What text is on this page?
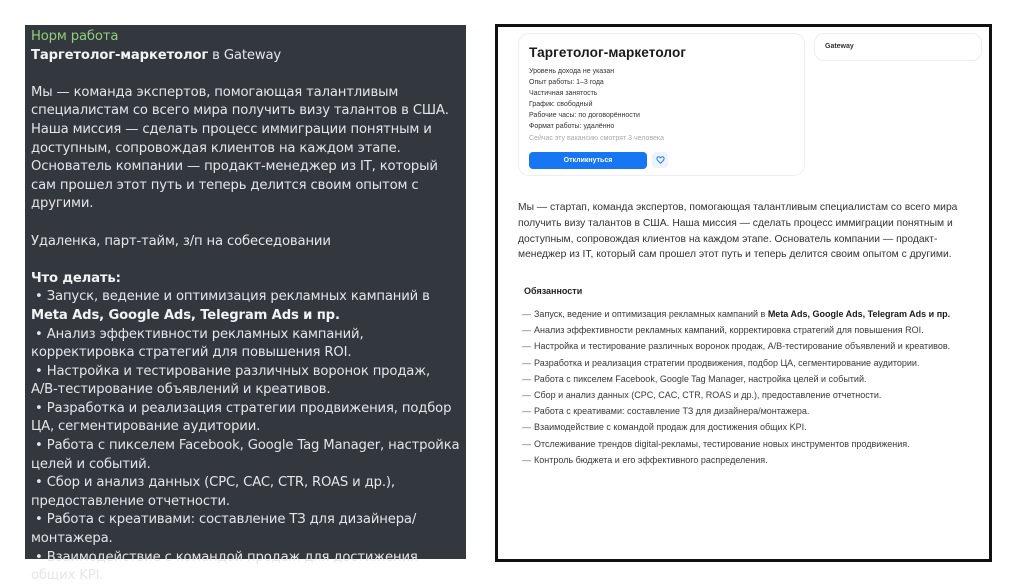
Норм работа
Таргетолог-маркетолог в Gateway
Мы — команда экспертов, помогающая талантливым специалистам со всего мира получить визу талантов в США. Наша миссия — сделать процесс иммиграции понятным и доступным, сопровождая клиентов на каждом этапе. Основатель компании — продакт-менеджер из IT, который сам прошел этот путь и теперь делится своим опытом с другими.
Удаленка, парт-тайм, з/п на собеседовании
Что делать:
• Запуск, ведение и оптимизация рекламных кампаний в Meta Ads, Google Ads, Telegram Ads и пр.
• Анализ эффективности рекламных кампаний, корректировка стратегий для повышения ROI.
• Настройка и тестирование различных воронок продаж, A/B-тестирование объявлений и креативов.
• Разработка и реализация стратегии продвижения, подбор ЦА, сегментирование аудитории.
• Работа с пикселем Facebook, Google Tag Manager, настройка целей и событий.
• Сбор и анализ данных (CPC, CAC, CTR, ROAS и др.), предоставление отчетности.
• Работа с креативами: составление ТЗ для дизайнера/монтажера.
• Взаимодействие с командой продаж для достижения общих KPI.
Таргетолог-маркетолог
Уровень дохода не указан
Опыт работы: 1–3 года
Частичная занятость
График: свободный
Рабочие часы: по договорённости
Формат работы: удалённо
Сейчас эту вакансию смотрят 3 человека
Откликнуться
Gateway
Мы — стартап, команда экспертов, помогающая талантливым специалистам со всего мира получить визу талантов в США. Наша миссия — сделать процесс иммиграции понятным и доступным, сопровождая клиентов на каждом этапе. Основатель компании — продакт-менеджер из IT, который сам прошел этот путь и теперь делится своим опытом с другими.
Обязанности
— Запуск, ведение и оптимизация рекламных кампаний в Meta Ads, Google Ads, Telegram Ads и пр.
— Анализ эффективности рекламных кампаний, корректировка стратегий для повышения ROI.
— Настройка и тестирование различных воронок продаж, A/B-тестирование объявлений и креативов.
— Разработка и реализация стратегии продвижения, подбор ЦА, сегментирование аудитории.
— Работа с пикселем Facebook, Google Tag Manager, настройка целей и событий.
— Сбор и анализ данных (CPC, CAC, CTR, ROAS и др.), предоставление отчетности.
— Работа с креативами: составление ТЗ для дизайнера/монтажера.
— Взаимодействие с командой продаж для достижения общих KPI.
— Отслеживание трендов digital-рекламы, тестирование новых инструментов продвижения.
— Контроль бюджета и его эффективного распределения.
